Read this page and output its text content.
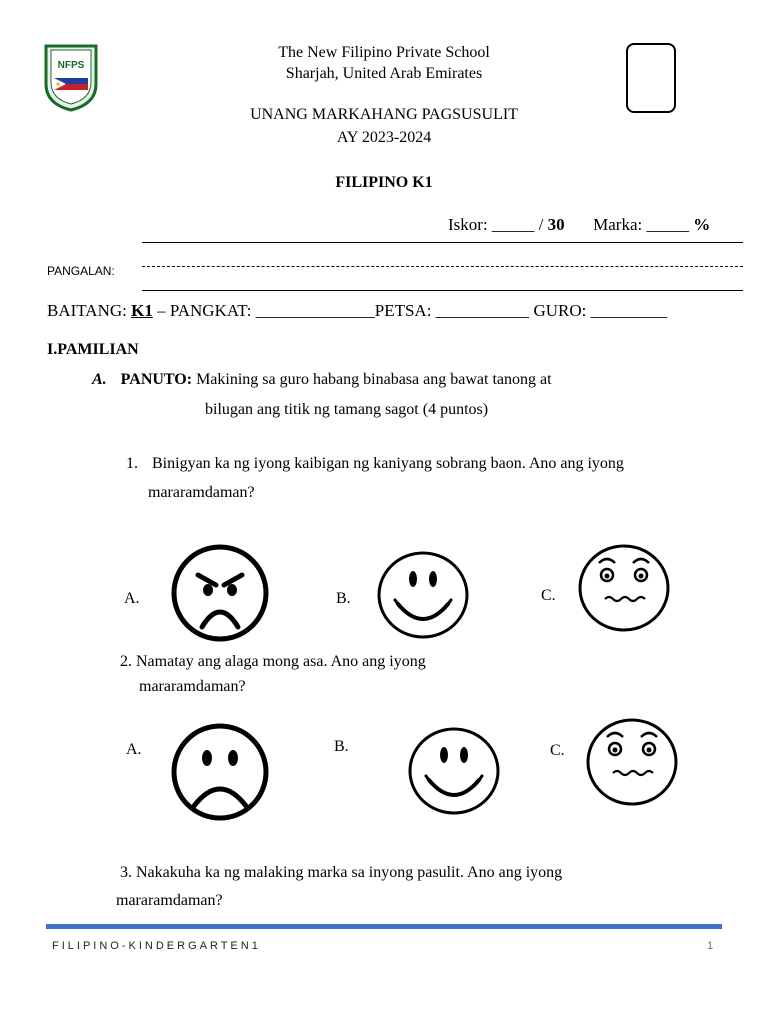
NFPS
The New Filipino Private School
Sharjah, United Arab Emirates
UNANG MARKAHANG PAGSUSULIT
AY 2023-2024
FILIPINO K1
Iskor: _____ / 30 Marka: _____ %
PANGALAN:
BAITANG: K1 – PANGKAT: ______________PETSA: ___________ GURO: _________
I.PAMILIAN
A. PANUTO: Makining sa guro habang binabasa ang bawat tanong at
bilugan ang titik ng tamang sagot (4 puntos)
1. Binigyan ka ng iyong kaibigan ng kaniyang sobrang baon. Ano ang iyong
mararamdaman?
A.	B.	C.
2. Namatay ang alaga mong asa. Ano ang iyong
mararamdaman?
A.	B.	C.
3. Nakakuha ka ng malaking marka sa inyong pasulit. Ano ang iyong
mararamdaman?
FILIPINO-KINDERGARTEN1	1
